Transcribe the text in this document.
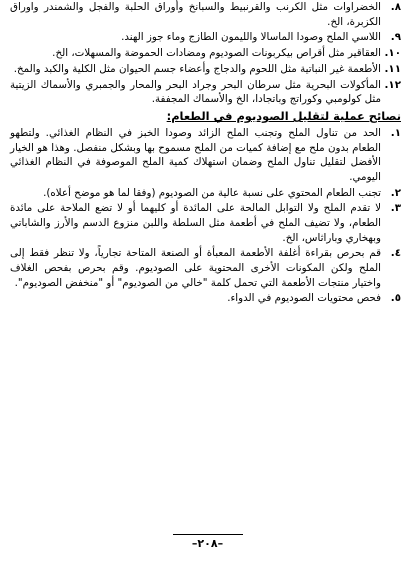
٨.
الخضراوات مثل الكرنب والقرنبيط والسبانخ وأوراق الحلبة والفجل والشمندر واوراق الكزبرة، الخ.
٩.
اللاسي الملح وصودا الماسالا والليمون الطازج وماء جوز الهند.
١٠.
العقاقير مثل أقراص بيكربونات الصوديوم ومضادات الحموضة والمسهلات، الخ.
١١.
الأطعمة غير النباتية مثل اللحوم والدجاج وأعضاء جسم الحيوان مثل الكلية والكبد والمخ.
١٢.
المأكولات البحرية مثل سرطان البحر وجراد البحر والمحار والجمبري والأسماك الزيتية مثل كولومبي وكوراتج وباتجادا، الخ والأسماك المجففة.
نصائح عملية لتقليل الصوديوم في الطعام:
١.
الحد من تناول الملح وتجنب الملح الزائد وصودا الخبز في النظام الغذائي. ولتطهو الطعام بدون ملح مع إضافة كميات من الملح مسموح بها وبشكل منفصل. وهذا هو الخيار الأفضل لتقليل تناول الملح وضمان استهلاك كمية الملح الموصوفة في النظام الغذائي اليومي.
٢.
تجنب الطعام المحتوي على نسبة عالية من الصوديوم (وفقا لما هو موضح أعلاه).
٣.
لا تقدم الملح ولا التوابل المالحة على المائدة أو كليهما أو لا تضع الملاحة على مائدة الطعام، ولا تضيف الملح في أطعمة مثل السلطة واللبن منزوع الدسم والأرز والشاباتي وبهخاري وباراثاس، الخ.
٤.
قم بحرص بقراءة أغلفة الأطعمة المعبأة أو الصنعة المتاحة تجارياً، ولا تنظر فقط إلى الملح ولكن المكونات الأخرى المحتوية على الصوديوم. وقم بحرص بفحص الغلاف واختيار منتجات الأطعمة التي تحمل كلمة "خالي من الصوديوم" أو "منخفض الصوديوم".
٥.
فحص محتويات الصوديوم في الدواء.
–٢٠٨–
